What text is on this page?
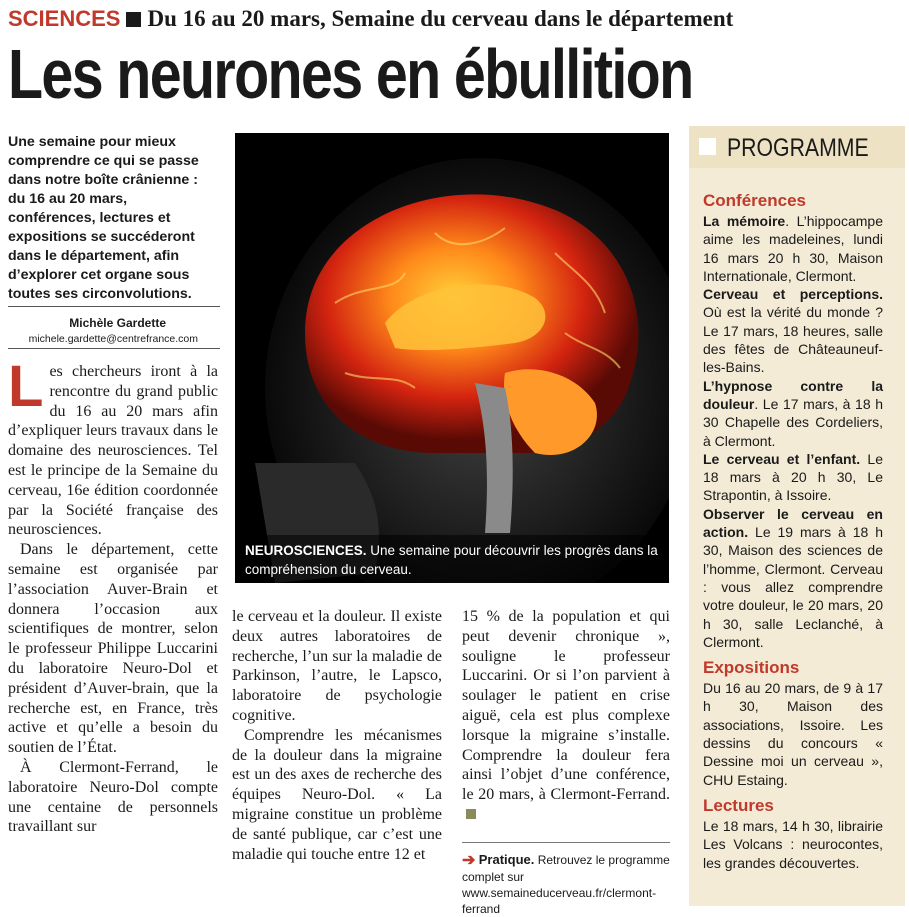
SCIENCES Du 16 au 20 mars, Semaine du cerveau dans le département
Les neurones en ébullition
Une semaine pour mieux comprendre ce qui se passe dans notre boîte crânienne : du 16 au 20 mars, conférences, lectures et expositions se succéderont dans le département, afin d’explorer cet organe sous toutes ses circonvolutions.
Michèle Gardette
michele.gardette@centrefrance.com
L es chercheurs iront à la rencontre du grand public du 16 au 20 mars afin d’expliquer leurs travaux dans le domaine des neurosciences. Tel est le principe de la Semaine du cerveau, 16e édition coordonnée par la Société française des neurosciences.

Dans le département, cette semaine est organisée par l’association Auver-Brain et donnera l’occasion aux scientifiques de montrer, selon le professeur Philippe Luccarini du laboratoire Neuro-Dol et président d’Auver-brain, que la recherche est, en France, très active et qu’elle a besoin du soutien de l’État.

À Clermont-Ferrand, le laboratoire Neuro-Dol compte une centaine de personnels travaillant sur

NEUROSCIENCES. Une semaine pour découvrir les progrès dans la compréhension du cerveau.

le cerveau et la douleur. Il existe deux autres laboratoires de recherche, l’un sur la maladie de Parkinson, l’autre, le Lapsco, laboratoire de psychologie cognitive.

Comprendre les mécanismes de la douleur dans la migraine est un des axes de recherche des équipes Neuro-Dol. « La migraine constitue un problème de santé publique, car c’est une maladie qui touche entre 12 et

15 % de la population et qui peut devenir chronique », souligne le professeur Luccarini. Or si l’on parvient à soulager le patient en crise aiguë, cela est plus complexe lorsque la migraine s’installe. Comprendre la douleur fera ainsi l’objet d’une conférence, le 20 mars, à Clermont-Ferrand.

➔ Pratique. Retrouvez le programme complet sur www.semaineducerveau.fr/clermont-ferrand
PROGRAMME
Conférences

La mémoire. L’hippocampe aime les madeleines, lundi 16 mars 20 h 30, Maison Internationale, Clermont.

Cerveau et perceptions. Où est la vérité du monde ? Le 17 mars, 18 heures, salle des fêtes de Châteauneuf-les-Bains.

L’hypnose contre la douleur. Le 17 mars, à 18 h 30 Chapelle des Cordeliers, à Clermont.

Le cerveau et l’enfant. Le 18 mars à 20 h 30, Le Strapontin, à Issoire.

Observer le cerveau en action. Le 19 mars à 18 h 30, Maison des sciences de l’homme, Clermont. Cerveau : vous allez comprendre votre douleur, le 20 mars, 20 h 30, salle Leclanché, à Clermont.

Expositions

Du 16 au 20 mars, de 9 à 17 h 30, Maison des associations, Issoire. Les dessins du concours « Dessine moi un cerveau », CHU Estaing.

Lectures

Le 18 mars, 14 h 30, librairie Les Volcans : neurocontes, les grandes découvertes.
